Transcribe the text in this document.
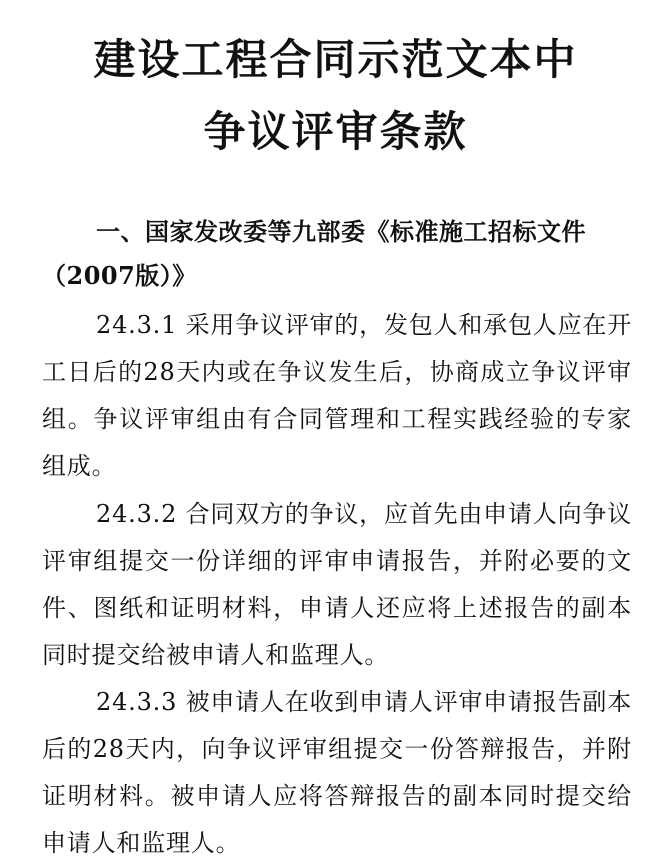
建设工程合同示范文本中
争议评审条款
一、国家发改委等九部委《标准施工招标文件（2007版）》

24.3.1 采用争议评审的，发包人和承包人应在开工日后的28天内或在争议发生后，协商成立争议评审组。争议评审组由有合同管理和工程实践经验的专家组成。

24.3.2 合同双方的争议，应首先由申请人向争议评审组提交一份详细的评审申请报告，并附必要的文件、图纸和证明材料，申请人还应将上述报告的副本同时提交给被申请人和监理人。

24.3.3 被申请人在收到申请人评审申请报告副本后的28天内，向争议评审组提交一份答辩报告，并附证明材料。被申请人应将答辩报告的副本同时提交给申请人和监理人。
